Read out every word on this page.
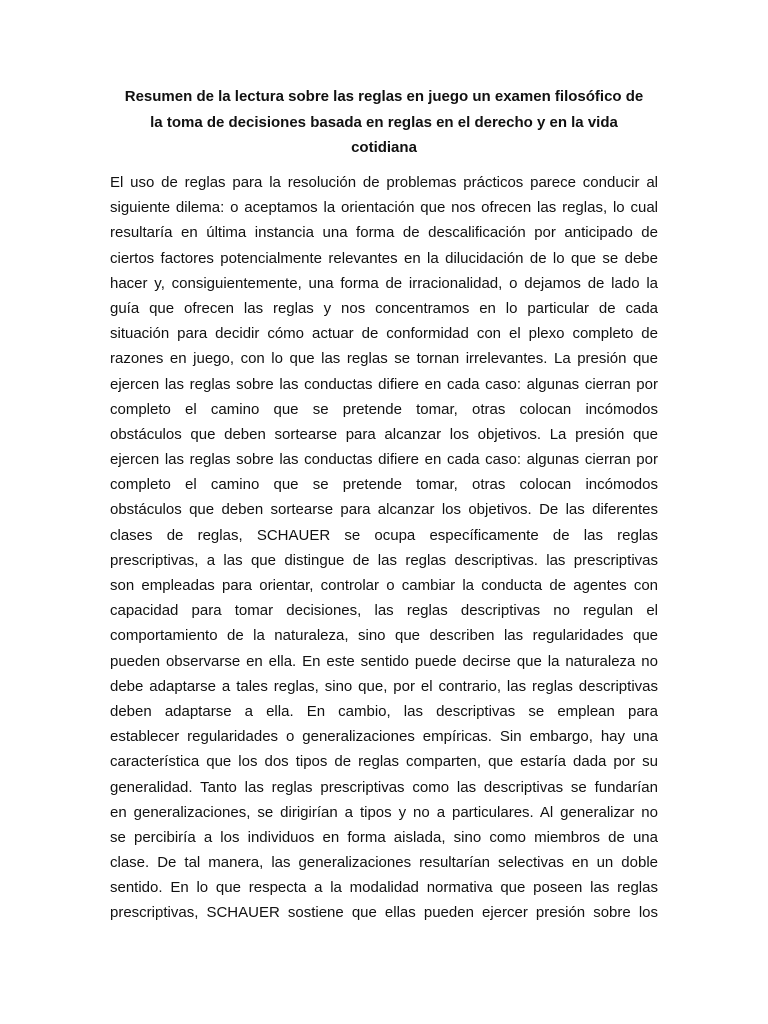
Resumen de la lectura sobre las reglas en juego un examen filosófico de
la toma de decisiones basada en reglas en el derecho y en la vida
cotidiana
El uso de reglas para la resolución de problemas prácticos parece conducir al
siguiente dilema: o aceptamos la orientación que nos ofrecen las reglas, lo cual
resultaría en última instancia una forma de descalificación por anticipado de
ciertos factores potencialmente relevantes en la dilucidación de lo que se debe
hacer y, consiguientemente, una forma de irracionalidad, o dejamos de lado la
guía que ofrecen las reglas y nos concentramos en lo particular de cada
situación para decidir cómo actuar de conformidad con el plexo completo de
razones en juego, con lo que las reglas se tornan irrelevantes. La presión que
ejercen las reglas sobre las conductas difiere en cada caso: algunas cierran por
completo el camino que se pretende tomar, otras colocan incómodos
obstáculos que deben sortearse para alcanzar los objetivos. La presión que
ejercen las reglas sobre las conductas difiere en cada caso: algunas cierran por
completo el camino que se pretende tomar, otras colocan incómodos
obstáculos que deben sortearse para alcanzar los objetivos. De las diferentes
clases de reglas, SCHAUER se ocupa específicamente de las reglas
prescriptivas, a las que distingue de las reglas descriptivas. las prescriptivas
son empleadas para orientar, controlar o cambiar la conducta de agentes con
capacidad para tomar decisiones, las reglas descriptivas no regulan el
comportamiento de la naturaleza, sino que describen las regularidades que
pueden observarse en ella. En este sentido puede decirse que la naturaleza no
debe adaptarse a tales reglas, sino que, por el contrario, las reglas descriptivas
deben adaptarse a ella. En cambio, las descriptivas se emplean para
establecer regularidades o generalizaciones empíricas. Sin embargo, hay una
característica que los dos tipos de reglas comparten, que estaría dada por su
generalidad. Tanto las reglas prescriptivas como las descriptivas se fundarían
en generalizaciones, se dirigirían a tipos y no a particulares. Al generalizar no
se percibiría a los individuos en forma aislada, sino como miembros de una
clase. De tal manera, las generalizaciones resultarían selectivas en un doble
sentido. En lo que respecta a la modalidad normativa que poseen las reglas
prescriptivas, SCHAUER sostiene que ellas pueden ejercer presión sobre los
